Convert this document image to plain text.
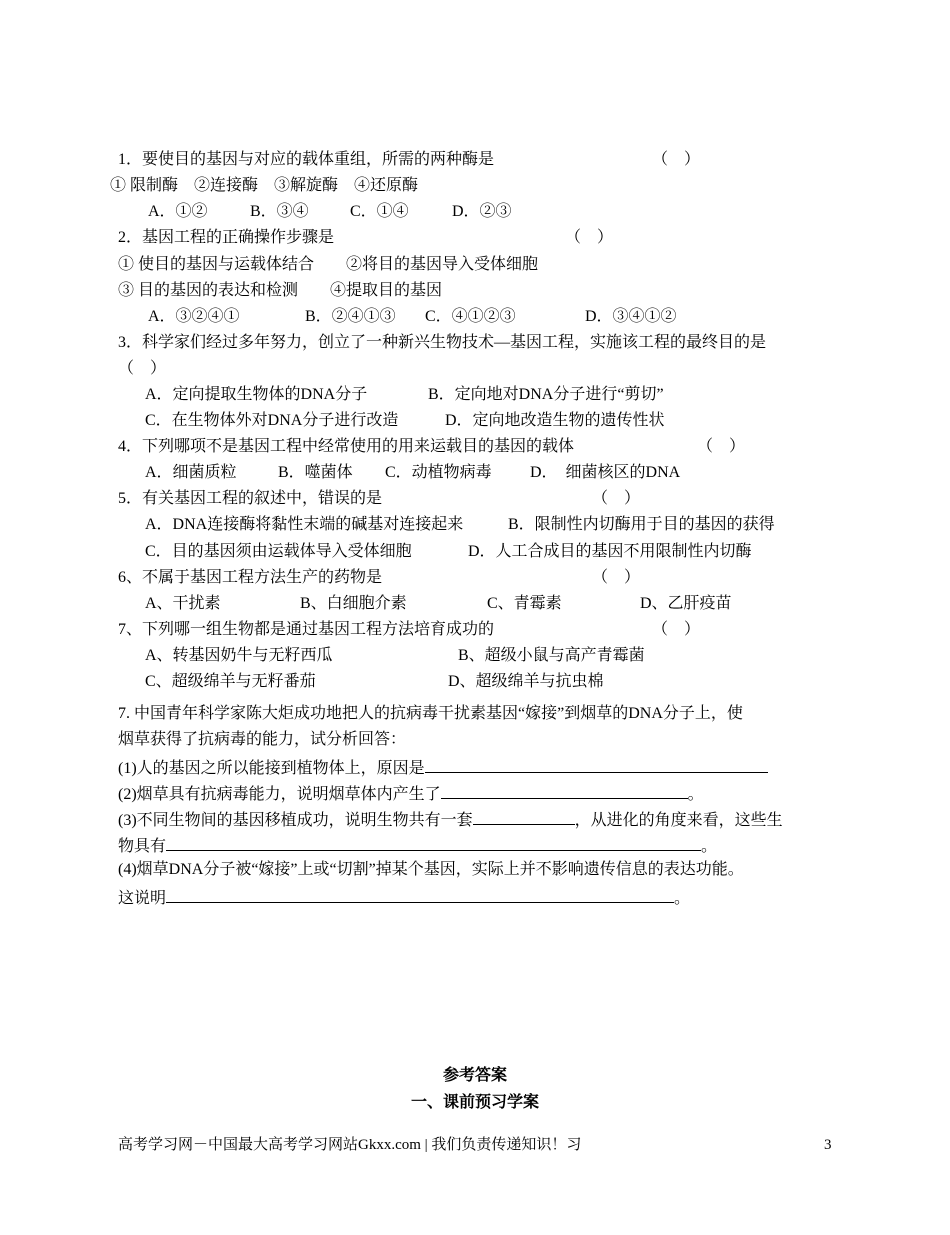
1．要使目的基因与对应的载体重组，所需的两种酶是	（    ）
① 限制酶　②连接酶　③解旋酶　④还原酶
A．①②	B．③④	C．①④	D．②③
2．基因工程的正确操作步骤是	（    ）
① 使目的基因与运载体结合　　②将目的基因导入受体细胞
③ 目的基因的表达和检测　　④提取目的基因
A．③②④①	B．②④①③ C．④①②③	D．③④①②
3．科学家们经过多年努力，创立了一种新兴生物技术—基因工程，实施该工程的最终目的是
（    ）
A．定向提取生物体的DNA分子	B．定向地对DNA分子进行“剪切”
C．在生物体外对DNA分子进行改造	D．定向地改造生物的遗传性状
4．下列哪项不是基因工程中经常使用的用来运载目的基因的载体	（    ）
A．细菌质粒	B．噬菌体 C．动植物病毒 D．  细菌核区的DNA
5．有关基因工程的叙述中，错误的是	（    ）
A．DNA连接酶将黏性末端的碱基对连接起来	B．限制性内切酶用于目的基因的获得
C．目的基因须由运载体导入受体细胞	D．人工合成目的基因不用限制性内切酶
6、不属于基因工程方法生产的药物是	（    ）
A、干扰素	B、白细胞介素	C、青霉素	D、乙肝疫苗
7、下列哪一组生物都是通过基因工程方法培育成功的	（    ）
A、转基因奶牛与无籽西瓜	B、超级小鼠与高产青霉菌
C、超级绵羊与无籽番茄	D、超级绵羊与抗虫棉
7. 中国青年科学家陈大炬成功地把人的抗病毒干扰素基因“嫁接”到烟草的DNA分子上，使
烟草获得了抗病毒的能力，试分析回答：
(1)人的基因之所以能接到植物体上，原因是
(2)烟草具有抗病毒能力，说明烟草体内产生了	。
(3)不同生物间的基因移植成功，说明生物共有一套	，从进化的角度来看，这些生
物具有	。
(4)烟草DNA分子被“嫁接”上或“切割”掉某个基因，实际上并不影响遗传信息的表达功能。
这说明	。
参考答案
一、课前预习学案
高考学习网－中国最大高考学习网站Gkxx.com | 我们负责传递知识！习	3
